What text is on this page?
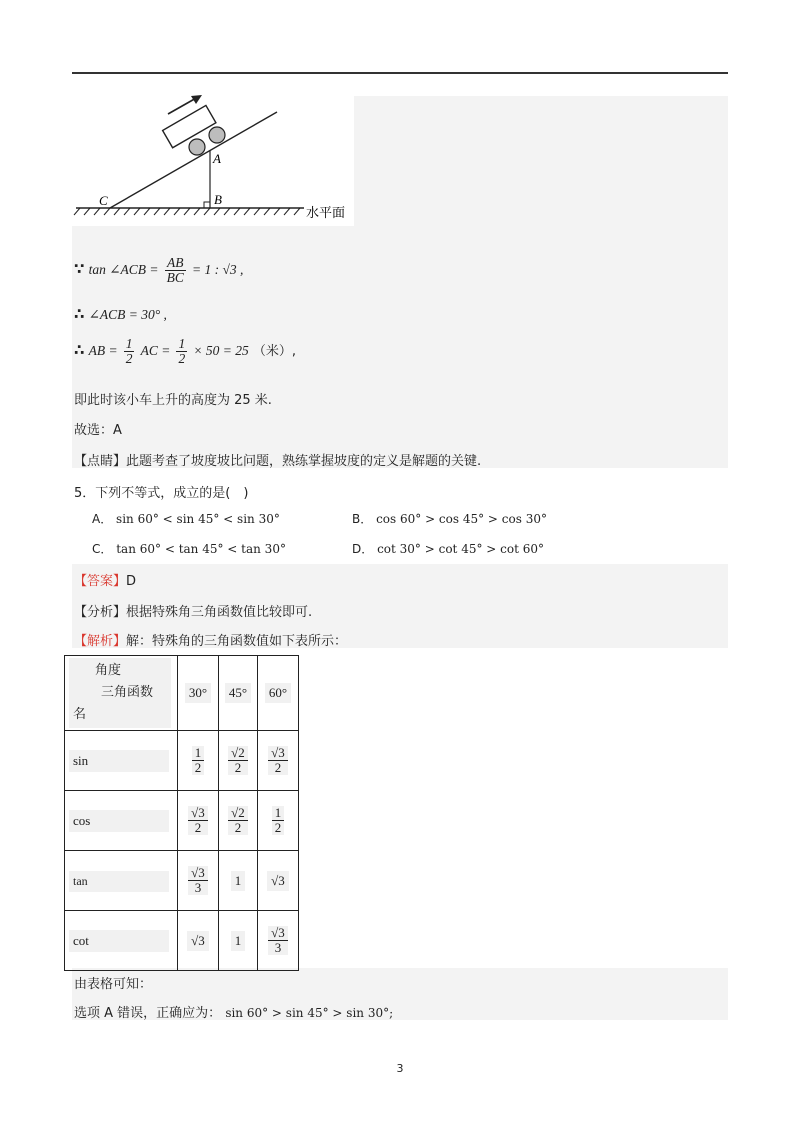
A
B
C
水平面
∵ tan ∠ACB = $\frac{AB}{BC} = 1$ : √3 ,
∴ ∠ACB = 30° ,
∴ AB = $\frac{1}{2}$ AC = $\frac{1}{2} \times 50 = 25$ （米）,
即此时该小车上升的高度为 25 米.
故选：A
【点睛】此题考查了坡度坡比问题，熟练掌握坡度的定义是解题的关键.
5．下列不等式，成立的是(　)
A． sin 60° < sin 45° < sin 30°	B． cos 60° > cos 45° > cos 30°
C． tan 60° < tan 45° < tan 30°	D． cot 30° > cot 45° > cot 60°
【答案】D
【分析】根据特殊角三角函数值比较即可.
【解析】解：特殊角的三角函数值如下表所示：
角度
三角函数
名	30°	45°	60°
sin	$\frac{1}{2}$	$\frac{√2}{2}$	$\frac{√3}{2}$

cos	$\frac{√3}{2}$	$\frac{√2}{2}$	$\frac{1}{2}$

tan	$\frac{√3}{3}$	1	√3
cot	√3	1	$\frac{√3}{3}$
由表格可知：
选项 A 错误，正确应为： sin 60° > sin 45° > sin 30°;
3
